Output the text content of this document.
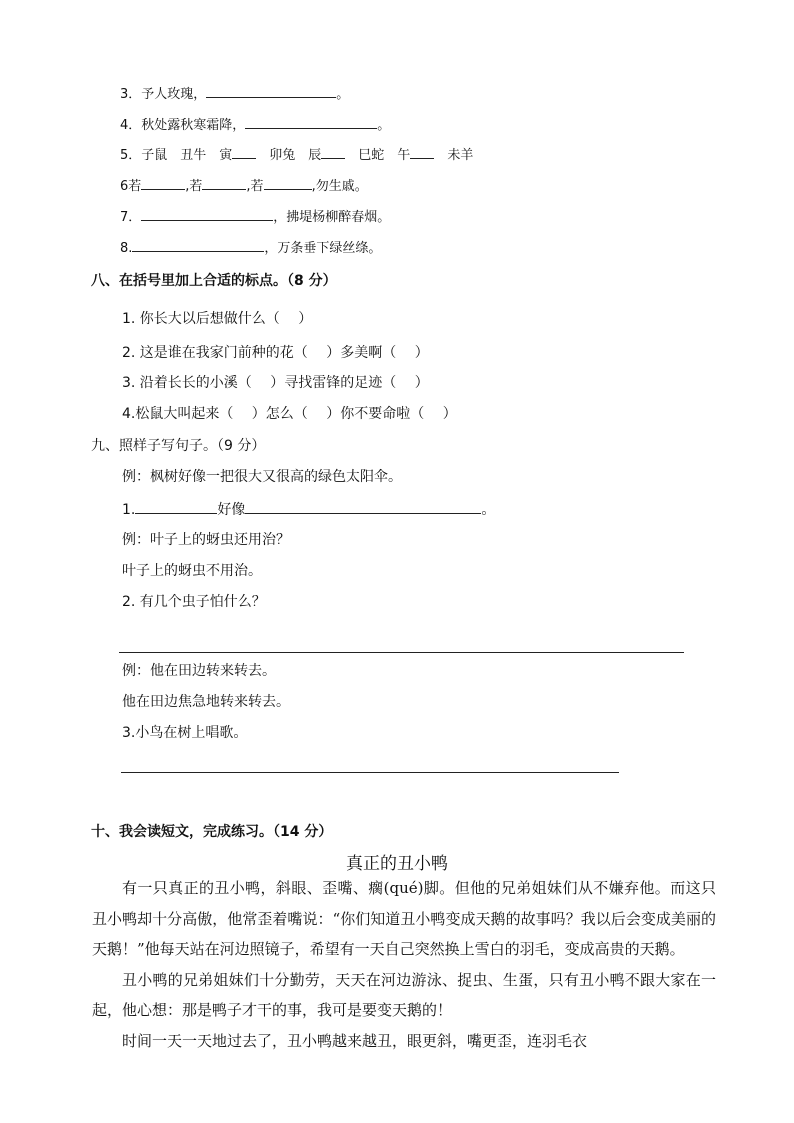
3．予人玫瑰，	。
4．秋处露秋寒霜降，	。
5．子鼠　丑牛　寅　卯兔　辰　巳蛇　午　未羊
6若	,若	,若	,勿生戚。
7．	，拂堤杨柳醉春烟。
8.	，万条垂下绿丝绦。
八、在括号里加上合适的标点。（8 分）
1. 你长大以后想做什么（　 ）
2. 这是谁在我家门前种的花（　 ）多美啊（　 ）
3. 沿着长长的小溪（　 ）寻找雷锋的足迹（　 ）
4.松鼠大叫起来（　 ）怎么（　 ）你不要命啦（　 ）
九、照样子写句子。（9 分）
例：枫树好像一把很大又很高的绿色太阳伞。
1.	好像	。
例：叶子上的蚜虫还用治？
叶子上的蚜虫不用治。
2. 有几个虫子怕什么？
例：他在田边转来转去。
他在田边焦急地转来转去。
3.小鸟在树上唱歌。
十、我会读短文，完成练习。（14 分）
真正的丑小鸭

有一只真正的丑小鸭，斜眼、歪嘴、瘸(qué)脚。但他的兄弟姐妹们从不嫌弃他。而这只丑小鸭却十分高傲，他常歪着嘴说：“你们知道丑小鸭变成天鹅的故事吗？我以后会变成美丽的天鹅！”他每天站在河边照镜子，希望有一天自己突然换上雪白的羽毛，变成高贵的天鹅。

丑小鸭的兄弟姐妹们十分勤劳，天天在河边游泳、捉虫、生蛋，只有丑小鸭不跟大家在一起，他心想：那是鸭子才干的事，我可是要变天鹅的！

时间一天一天地过去了，丑小鸭越来越丑，眼更斜，嘴更歪，连羽毛衣
